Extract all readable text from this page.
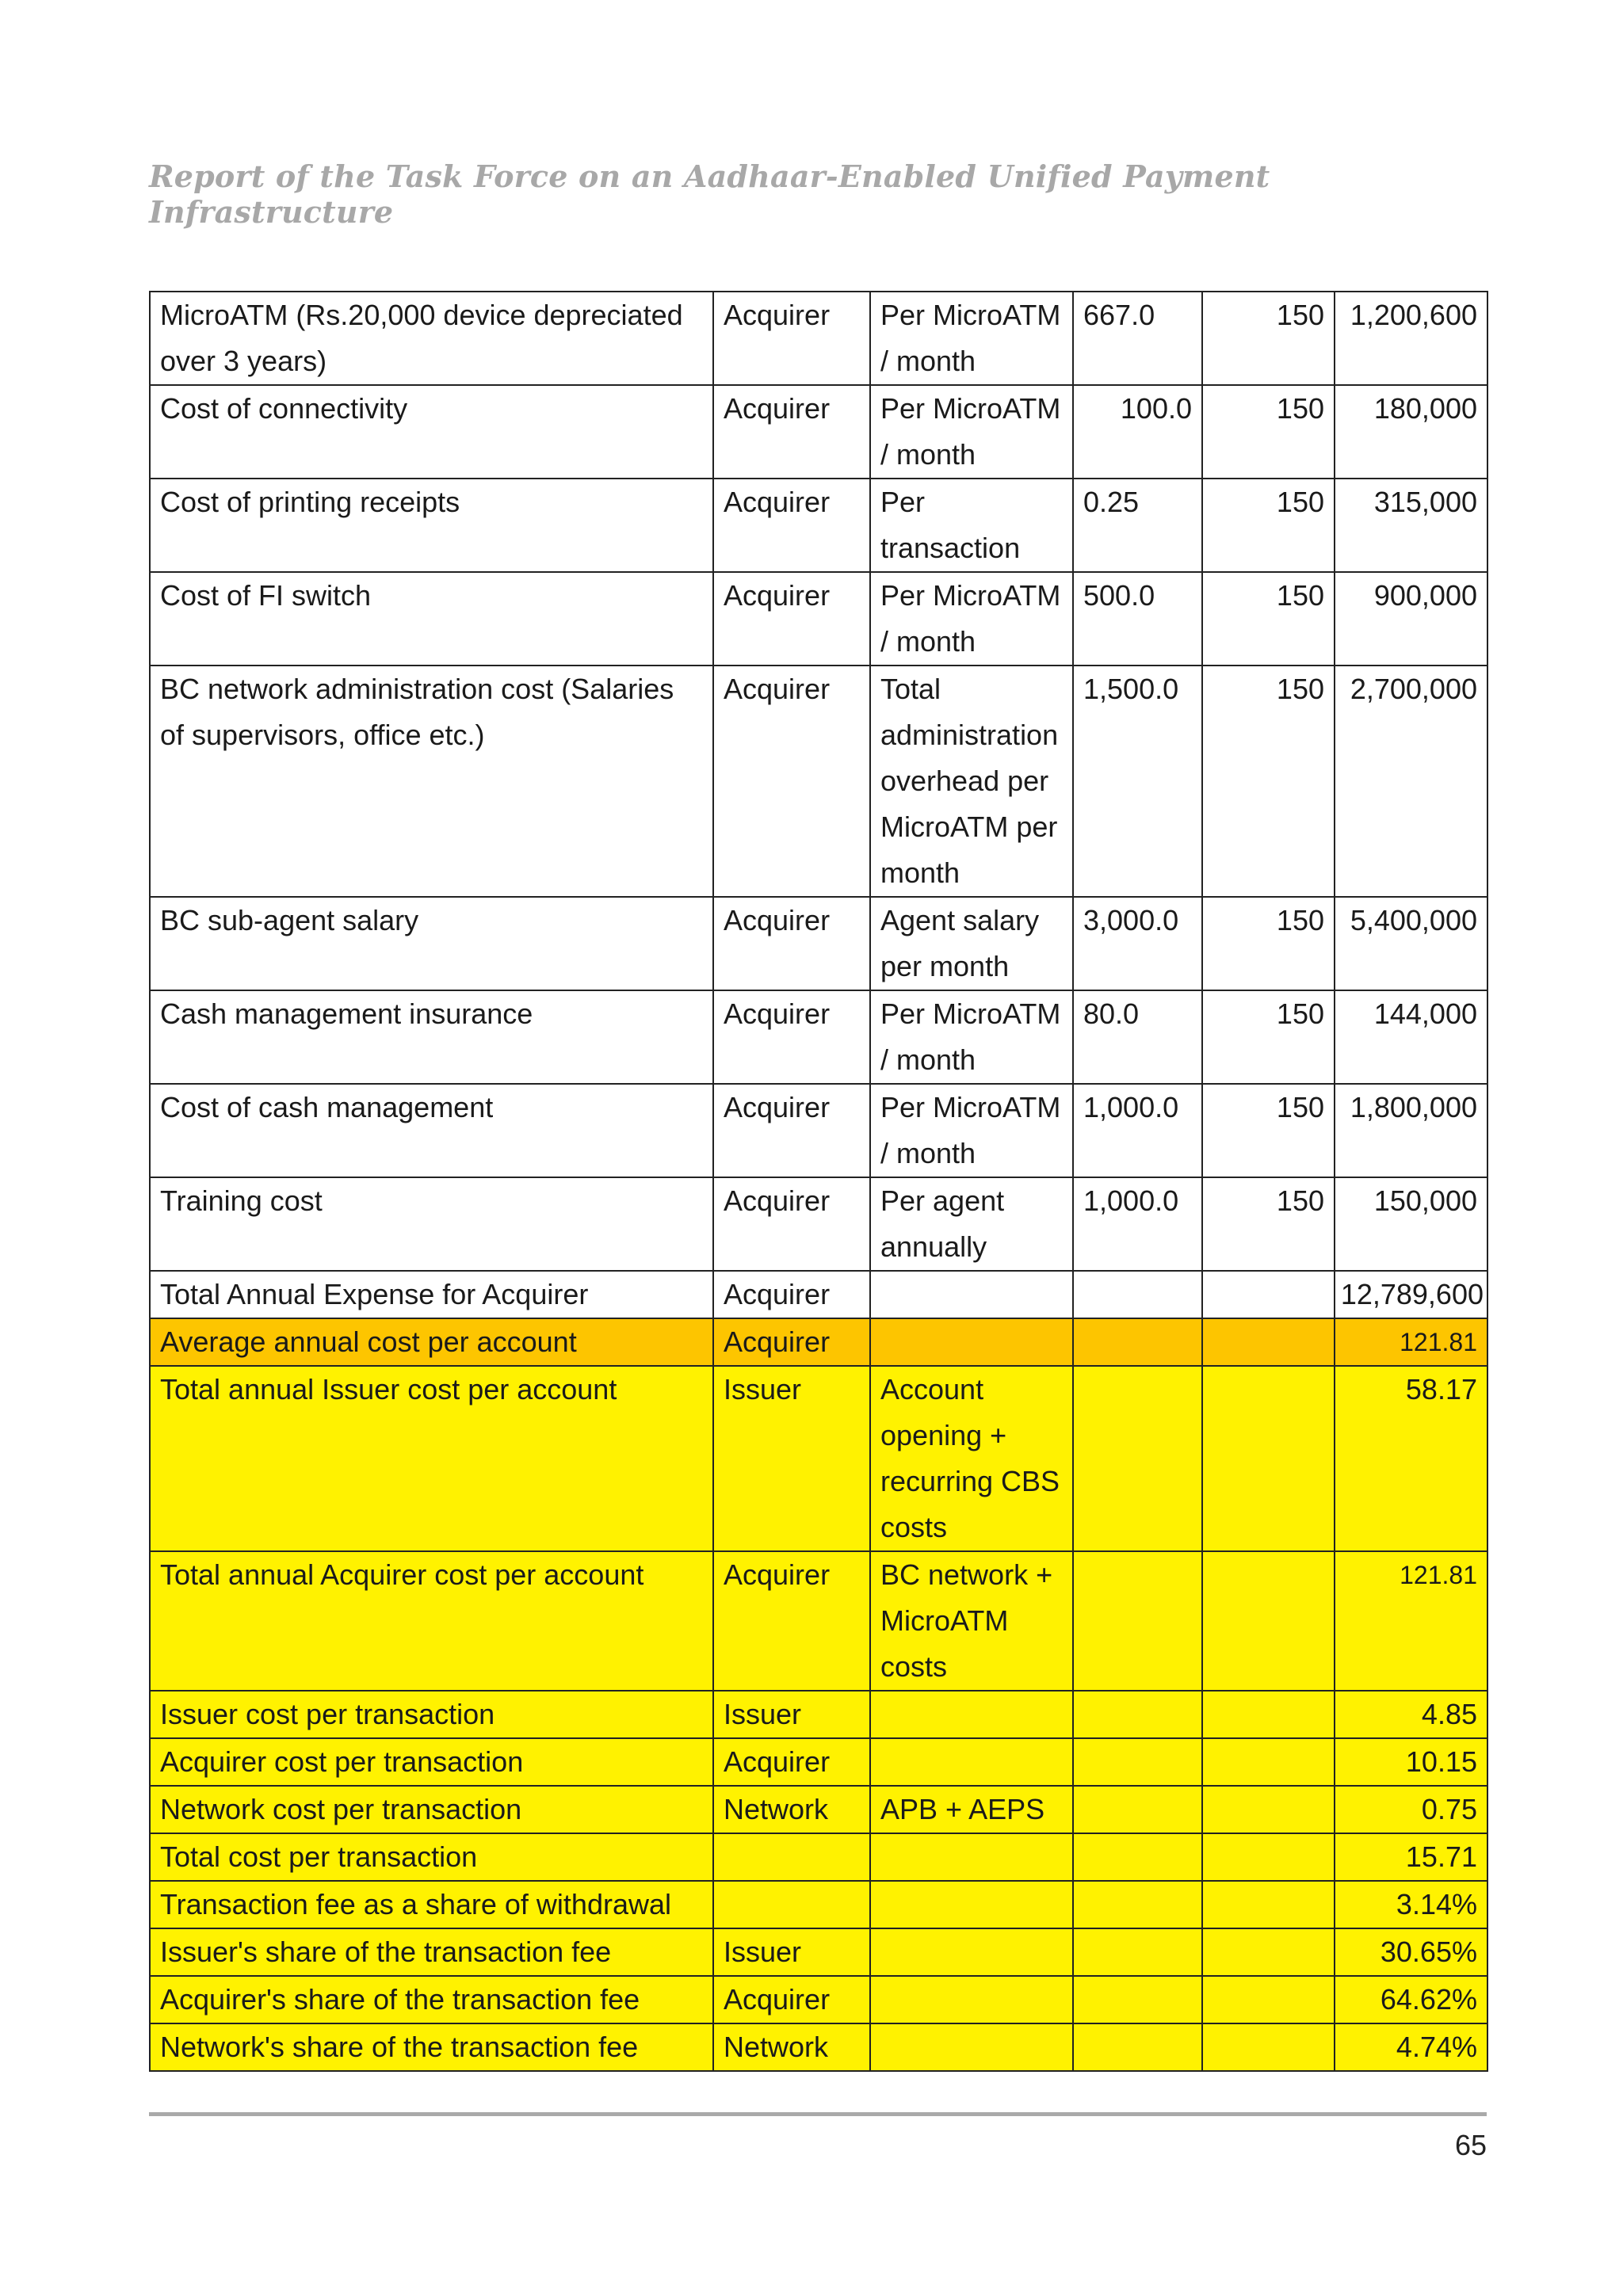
Report of the Task Force on an Aadhaar-Enabled Unified Payment Infrastructure
MicroATM (Rs.20,000 device depreciated over 3 years)	Acquirer	Per MicroATM / month	667.0	150	1,200,600
Cost of connectivity	Acquirer	Per MicroATM / month	100.0	150	180,000
Cost of printing receipts	Acquirer	Per transaction	0.25	150	315,000
Cost of FI switch	Acquirer	Per MicroATM / month	500.0	150	900,000
BC network administration cost (Salaries of supervisors, office etc.)	Acquirer	Total administration overhead per MicroATM per month	1,500.0	150	2,700,000
BC sub-agent salary	Acquirer	Agent salary per month	3,000.0	150	5,400,000
Cash management insurance	Acquirer	Per MicroATM / month	80.0	150	144,000
Cost of cash management	Acquirer	Per MicroATM / month	1,000.0	150	1,800,000
Training cost	Acquirer	Per agent annually	1,000.0	150	150,000
Total Annual Expense for Acquirer	Acquirer				12,789,600
Average annual cost per account	Acquirer				121.81
Total annual Issuer cost per account	Issuer	Account opening + recurring CBS costs			58.17
Total annual Acquirer cost per account	Acquirer	BC network + MicroATM costs			121.81
Issuer cost per transaction	Issuer				4.85
Acquirer cost per transaction	Acquirer				10.15
Network cost per transaction	Network	APB + AEPS			0.75
Total cost per transaction					15.71
Transaction fee as a share of withdrawal					3.14%
Issuer's share of the transaction fee	Issuer				30.65%
Acquirer's share of the transaction fee	Acquirer				64.62%
Network's share of the transaction fee	Network				4.74%
65
